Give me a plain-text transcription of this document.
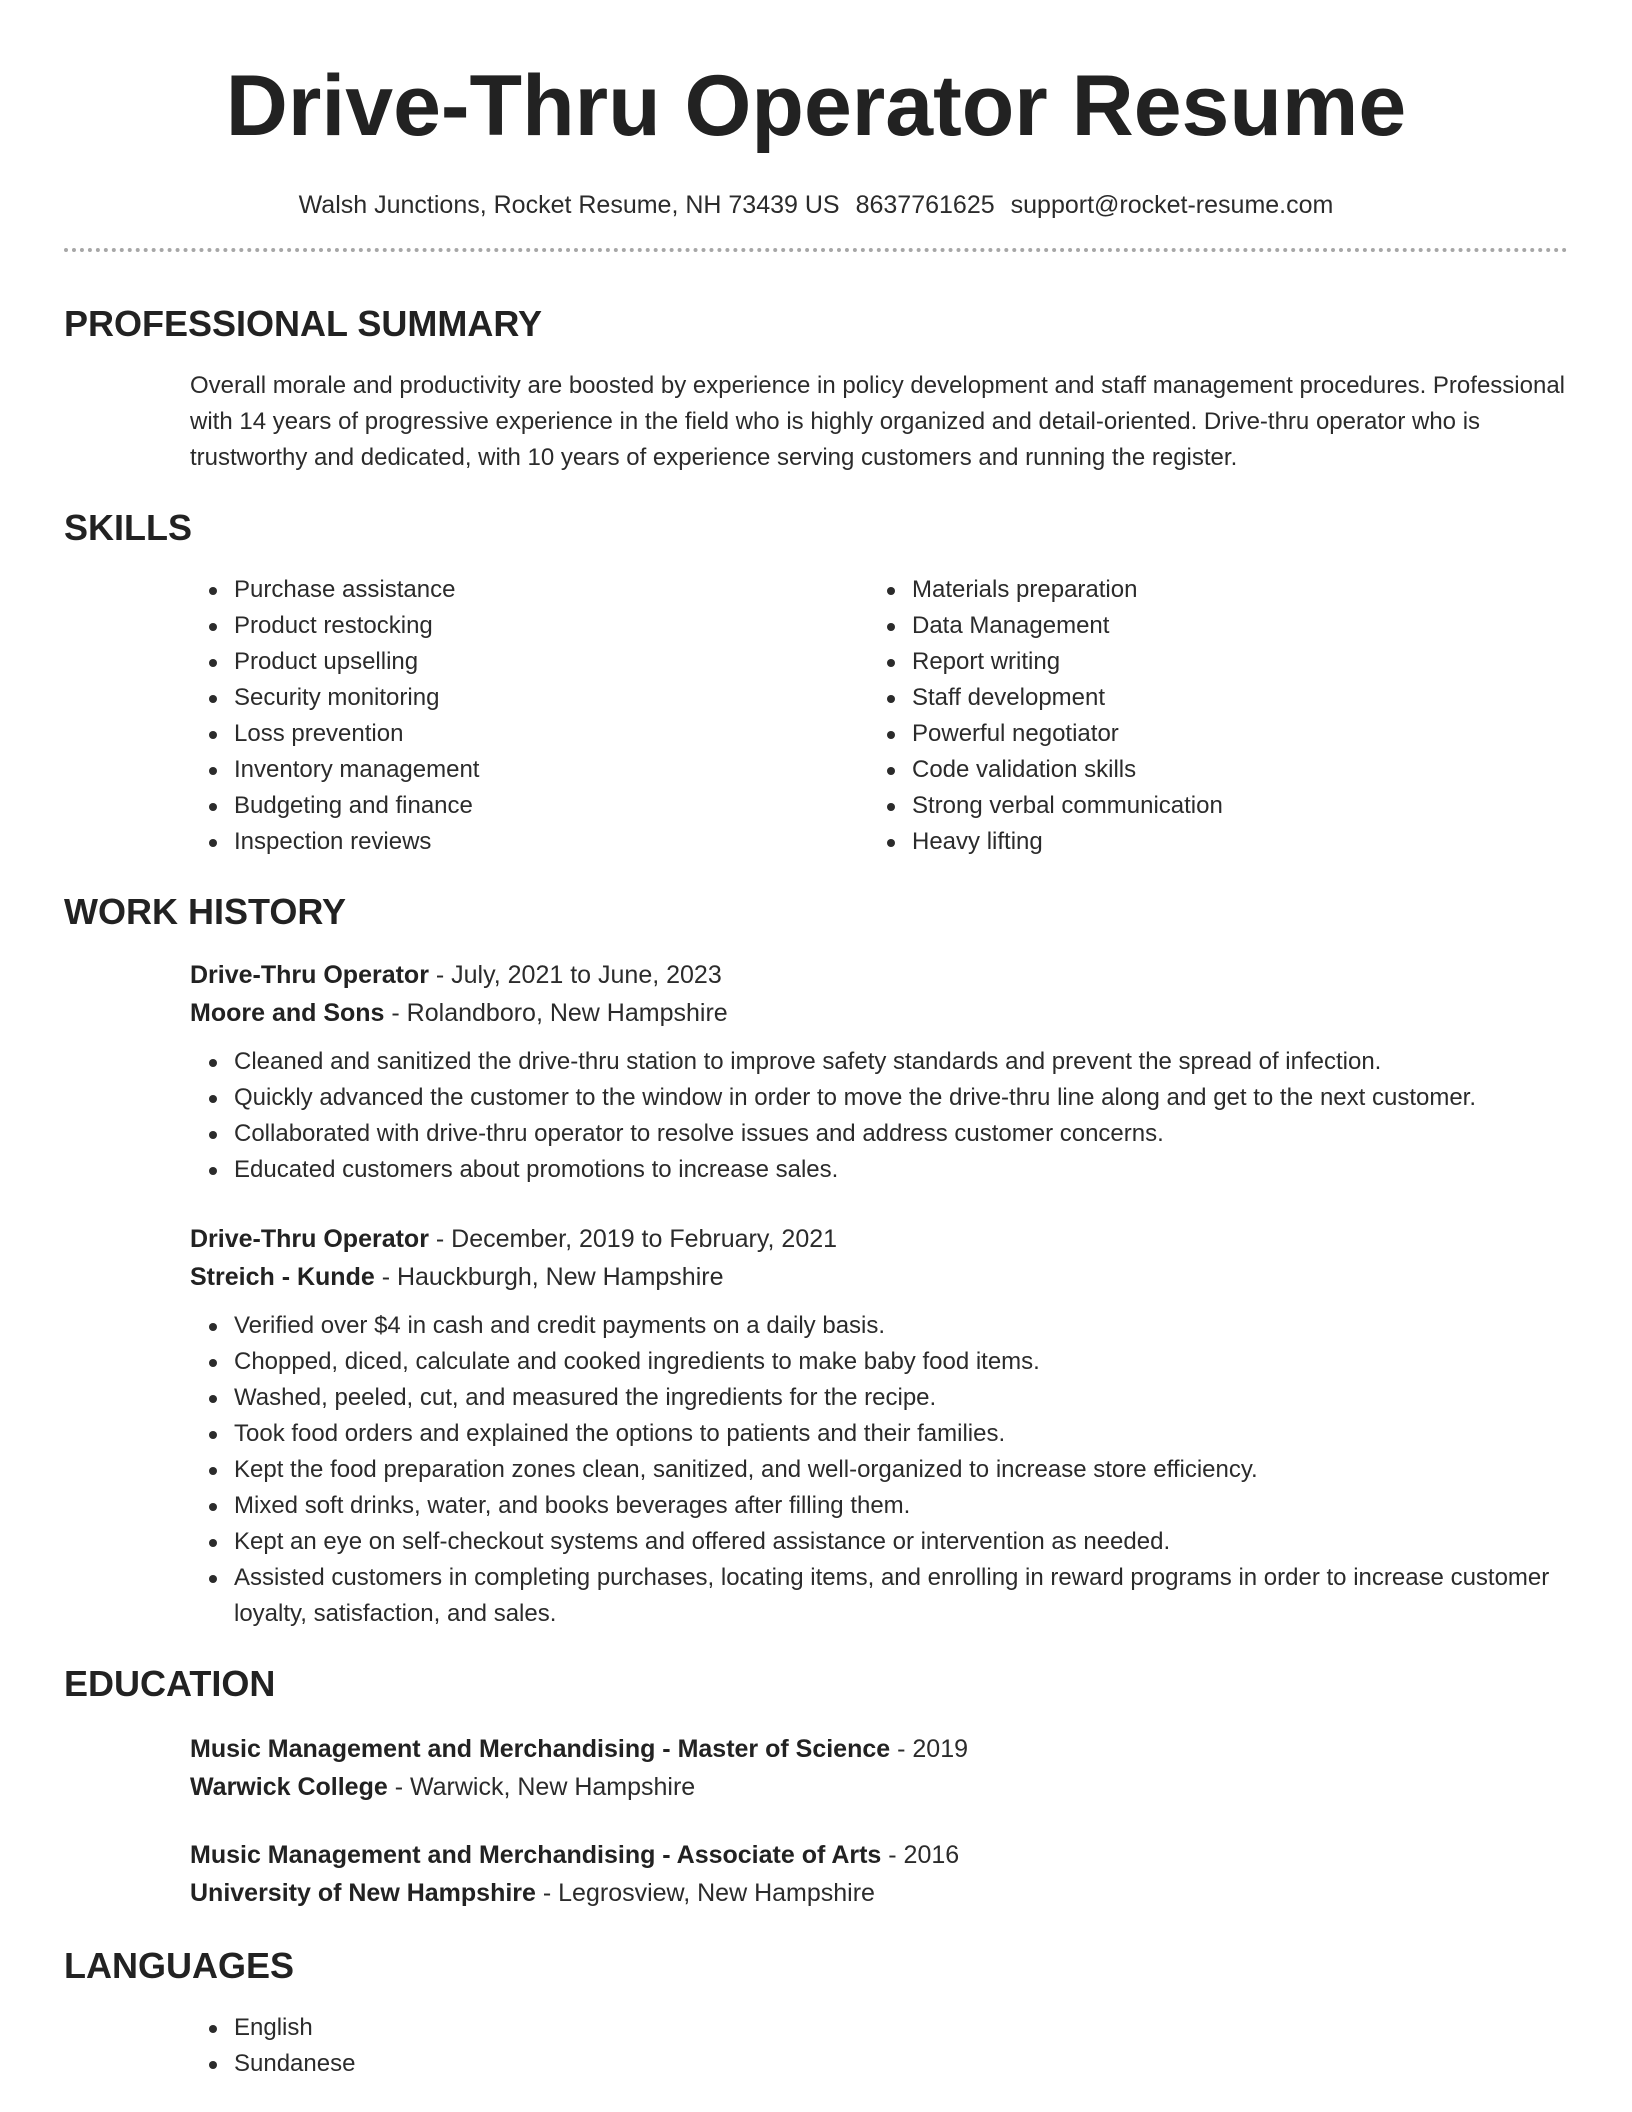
Drive-Thru Operator Resume
Walsh Junctions, Rocket Resume, NH 73439 US 8637761625 support@rocket-resume.com
PROFESSIONAL SUMMARY

Overall morale and productivity are boosted by experience in policy development and staff management procedures. Professional with 14 years of progressive experience in the field who is highly organized and detail-oriented. Drive-thru operator who is trustworthy and dedicated, with 10 years of experience serving customers and running the register.

SKILLS
Purchase assistance
Product restocking
Product upselling
Security monitoring
Loss prevention
Inventory management
Budgeting and finance
Inspection reviews
Materials preparation
Data Management
Report writing
Staff development
Powerful negotiator
Code validation skills
Strong verbal communication
Heavy lifting
WORK HISTORY
Drive-Thru Operator - July, 2021 to June, 2023
Moore and Sons - Rolandboro, New Hampshire
Cleaned and sanitized the drive-thru station to improve safety standards and prevent the spread of infection.
Quickly advanced the customer to the window in order to move the drive-thru line along and get to the next customer.
Collaborated with drive-thru operator to resolve issues and address customer concerns.
Educated customers about promotions to increase sales.
Drive-Thru Operator - December, 2019 to February, 2021
Streich - Kunde - Hauckburgh, New Hampshire
Verified over $4 in cash and credit payments on a daily basis.
Chopped, diced, calculate and cooked ingredients to make baby food items.
Washed, peeled, cut, and measured the ingredients for the recipe.
Took food orders and explained the options to patients and their families.
Kept the food preparation zones clean, sanitized, and well-organized to increase store efficiency.
Mixed soft drinks, water, and books beverages after filling them.
Kept an eye on self-checkout systems and offered assistance or intervention as needed.
Assisted customers in completing purchases, locating items, and enrolling in reward programs in order to increase customer loyalty, satisfaction, and sales.
EDUCATION
Music Management and Merchandising - Master of Science - 2019
Warwick College - Warwick, New Hampshire
Music Management and Merchandising - Associate of Arts - 2016
University of New Hampshire - Legrosview, New Hampshire
LANGUAGES
English
Sundanese
